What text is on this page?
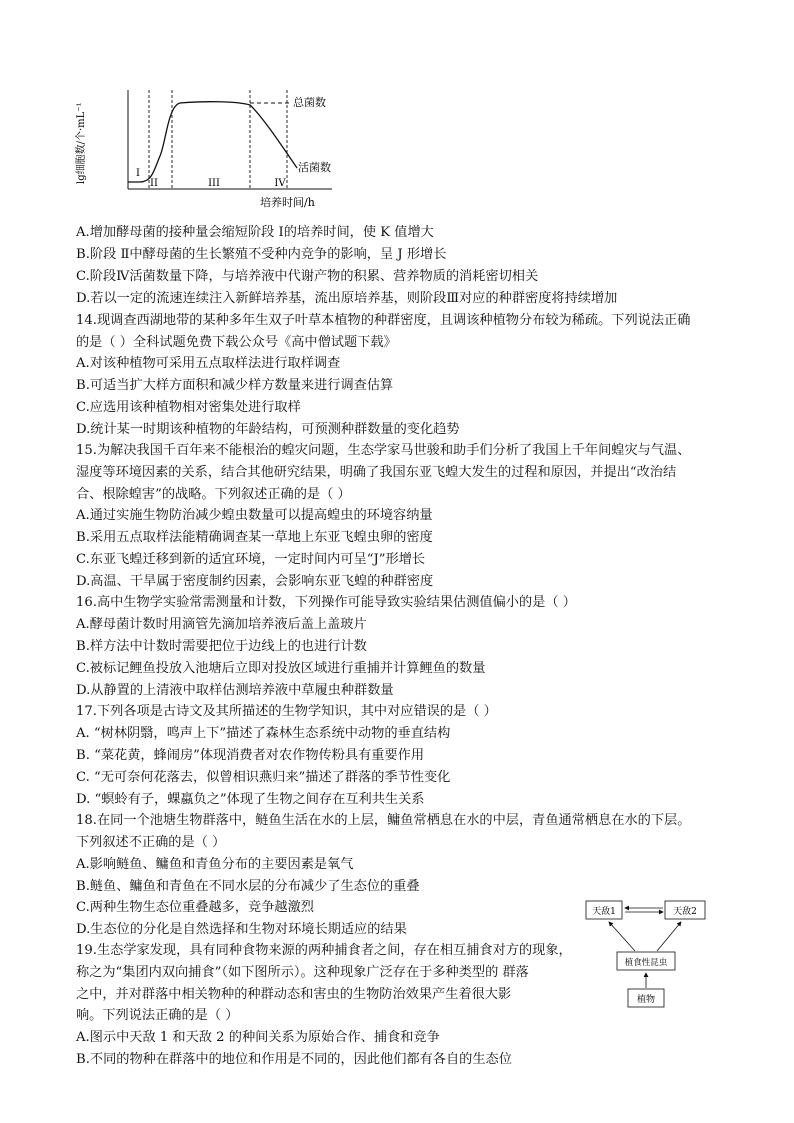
总菌数
活菌数
I
II	III	IV
培养时间/h
lg细胞数/个·mL⁻¹
A.增加酵母菌的接种量会缩短阶段 I的培养时间，使 K 值增大
B.阶段 Ⅱ中酵母菌的生长繁殖不受种内竞争的影响，呈 J 形增长
C.阶段Ⅳ活菌数量下降，与培养液中代谢产物的积累、营养物质的消耗密切相关
D.若以一定的流速连续注入新鲜培养基，流出原培养基，则阶段Ⅲ对应的种群密度将持续增加
14.现调查西湖地带的某种多年生双子叶草本植物的种群密度，且调该种植物分布较为稀疏。下列说法正确
的是（ ）全科试题免费下载公众号《高中僧试题下载》
A.对该种植物可采用五点取样法进行取样调查
B.可适当扩大样方面积和减少样方数量来进行调查估算
C.应选用该种植物相对密集处进行取样
D.统计某一时期该种植物的年龄结构，可预测种群数量的变化趋势
15.为解决我国千百年来不能根治的蝗灾问题，生态学家马世骏和助手们分析了我国上千年间蝗灾与气温、
湿度等环境因素的关系，结合其他研究结果，明确了我国东亚飞蝗大发生的过程和原因，并提出“改治结
合、根除蝗害”的战略。下列叙述正确的是（ ）
A.通过实施生物防治减少蝗虫数量可以提高蝗虫的环境容纳量
B.采用五点取样法能精确调查某一草地上东亚飞蝗虫卵的密度
C.东亚飞蝗迁移到新的适宜环境，一定时间内可呈“J”形增长
D.高温、干旱属于密度制约因素，会影响东亚飞蝗的种群密度
16.高中生物学实验常需测量和计数，下列操作可能导致实验结果估测值偏小的是（ ）
A.酵母菌计数时用滴管先滴加培养液后盖上盖玻片
B.样方法中计数时需要把位于边线上的也进行计数
C.被标记鲤鱼投放入池塘后立即对投放区域进行重捕并计算鲤鱼的数量
D.从静置的上清液中取样估测培养液中草履虫种群数量
17.下列各项是古诗文及其所描述的生物学知识，其中对应错误的是（ ）
A. “树林阴翳，鸣声上下”描述了森林生态系统中动物的垂直结构
B. “菜花黄，蜂闹房”体现消费者对农作物传粉具有重要作用
C. “无可奈何花落去，似曾相识燕归来”描述了群落的季节性变化
D. “螟蛉有子，蜾蠃负之”体现了生物之间存在互利共生关系
18.在同一个池塘生物群落中，鲢鱼生活在水的上层，鳙鱼常栖息在水的中层，青鱼通常栖息在水的下层。
下列叙述不正确的是（ ）
A.影响鲢鱼、鳙鱼和青鱼分布的主要因素是氧气
B.鲢鱼、鳙鱼和青鱼在不同水层的分布减少了生态位的重叠
C.两种生物生态位重叠越多，竞争越激烈
D.生态位的分化是自然选择和生物对环境长期适应的结果
19.生态学家发现，具有同种食物来源的两种捕食者之间，存在相互捕食对方的现象，
称之为“集团内双向捕食”（如下图所示）。这种现象广泛存在于多种类型的 群落
之中，并对群落中相关物种的种群动态和害虫的生物防治效果产生着很大影
响。下列说法正确的是（ ）
A.图示中天敌 1 和天敌 2 的种间关系为原始合作、捕食和竞争
B.不同的物种在群落中的地位和作用是不同的，因此他们都有各自的生态位
天敌1	天敌2
植食性昆虫
植物
